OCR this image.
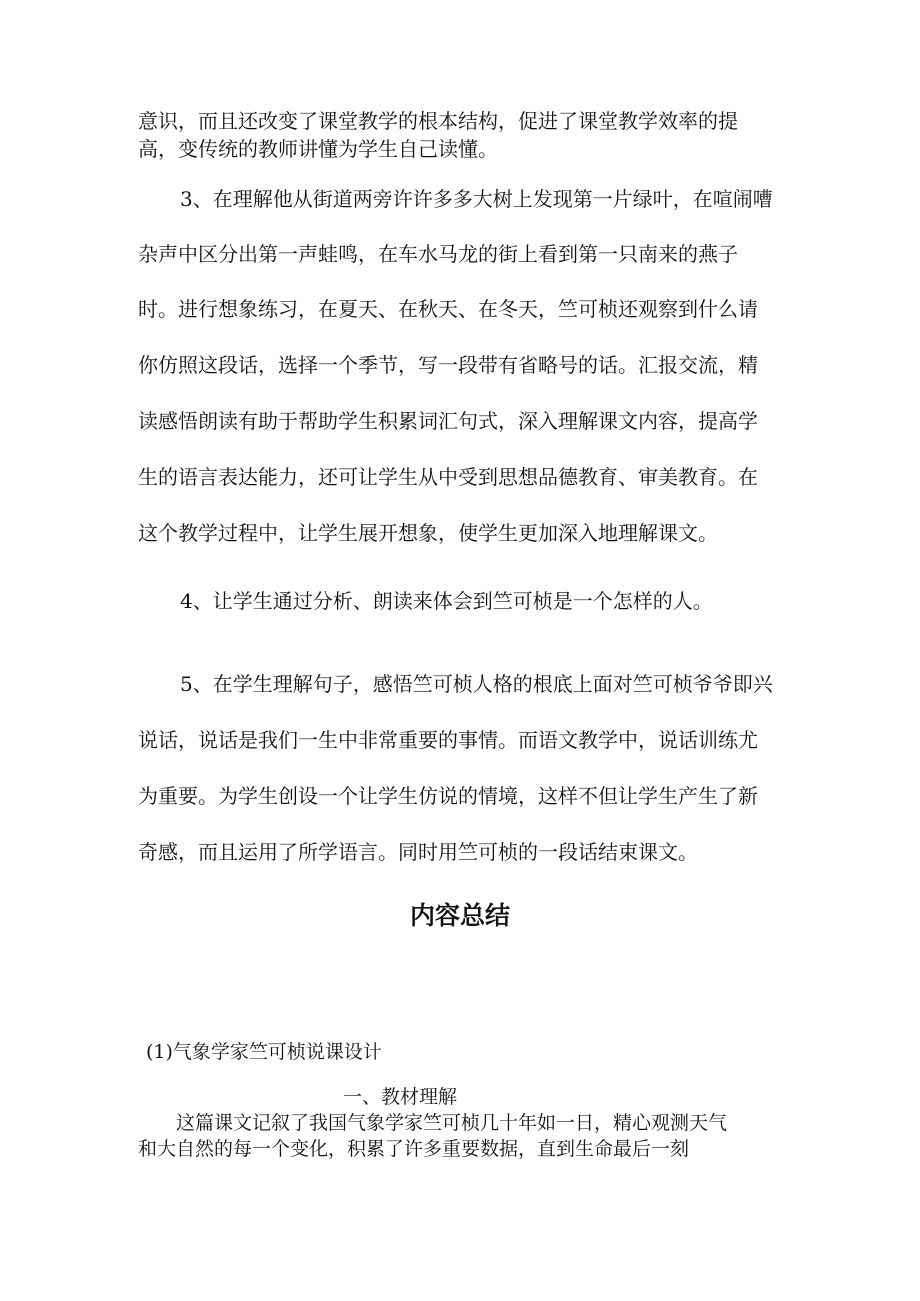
意识，而且还改变了课堂教学的根本结构，促进了课堂教学效率的提

高，变传统的教师讲懂为学生自己读懂。

3、在理解他从街道两旁许许多多大树上发现第一片绿叶，在喧闹嘈

杂声中区分出第一声蛙鸣，在车水马龙的街上看到第一只南来的燕子

时。进行想象练习，在夏天、在秋天、在冬天，竺可桢还观察到什么请

你仿照这段话，选择一个季节，写一段带有省略号的话。汇报交流，精

读感悟朗读有助于帮助学生积累词汇句式，深入理解课文内容，提高学

生的语言表达能力，还可让学生从中受到思想品德教育、审美教育。在

这个教学过程中，让学生展开想象，使学生更加深入地理解课文。

4、让学生通过分析、朗读来体会到竺可桢是一个怎样的人。

5、在学生理解句子，感悟竺可桢人格的根底上面对竺可桢爷爷即兴

说话，说话是我们一生中非常重要的事情。而语文教学中，说话训练尤

为重要。为学生创设一个让学生仿说的情境，这样不但让学生产生了新

奇感，而且运用了所学语言。同时用竺可桢的一段话结束课文。

内容总结

(1)气象学家竺可桢说课设计

一、教材理解

这篇课文记叙了我国气象学家竺可桢几十年如一日，精心观测天气

和大自然的每一个变化，积累了许多重要数据，直到生命最后一刻
